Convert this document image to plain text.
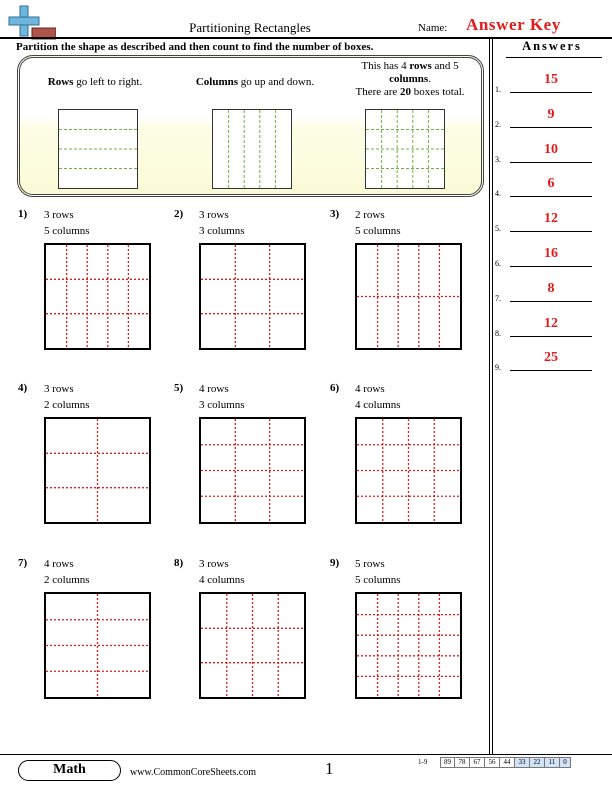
Partitioning Rectangles	Name: Answer Key
Partition the shape as described and then count to find the number of boxes.
Rows go left to right.	Columns go up and down.
This has 4 rows and 5
columns.
There are 20 boxes total.
1) 3 rows
5 columns
2) 3 rows
3 columns
3) 2 rows
5 columns
4) 3 rows
2 columns
5) 4 rows
3 columns
6) 4 rows
4 columns
7) 4 rows
2 columns
8) 3 rows
4 columns
9) 5 rows
5 columns
Answers
1.
15
2.
9
3.
10
4.
6
5.
12
6.
16
7.
8
8.
12
9.
25
Math	www.CommonCoreSheets.com	1	1-9	89	78	67	56	44	33	22	11	0
